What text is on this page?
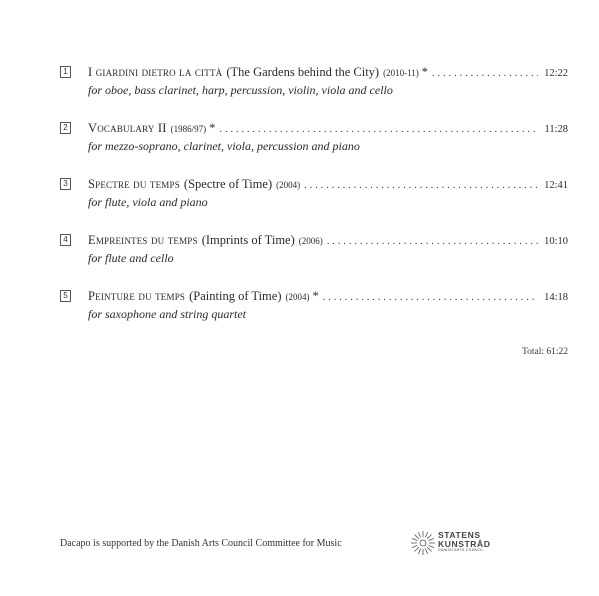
1 I giardini dietro la città (The Gardens behind the City) (2010-11) * . . .	12:22
for oboe, bass clarinet, harp, percussion, violin, viola and cello
2 Vocabulary II (1986/97) * . . .	11:28
for mezzo-soprano, clarinet, viola, percussion and piano
3 Spectre du temps (Spectre of Time) (2004) . . .	12:41
for flute, viola and piano
4 Empreintes du temps (Imprints of Time) (2006) . . .	10:10
for flute and cello
5 Peinture du temps (Painting of Time) (2004) * . . .	14:18
for saxophone and string quartet
Total: 61:22
Dacapo is supported by the Danish Arts Council Committee for Music
STATENS
KUNSTRÅD
DANISH ARTS COUNCIL
